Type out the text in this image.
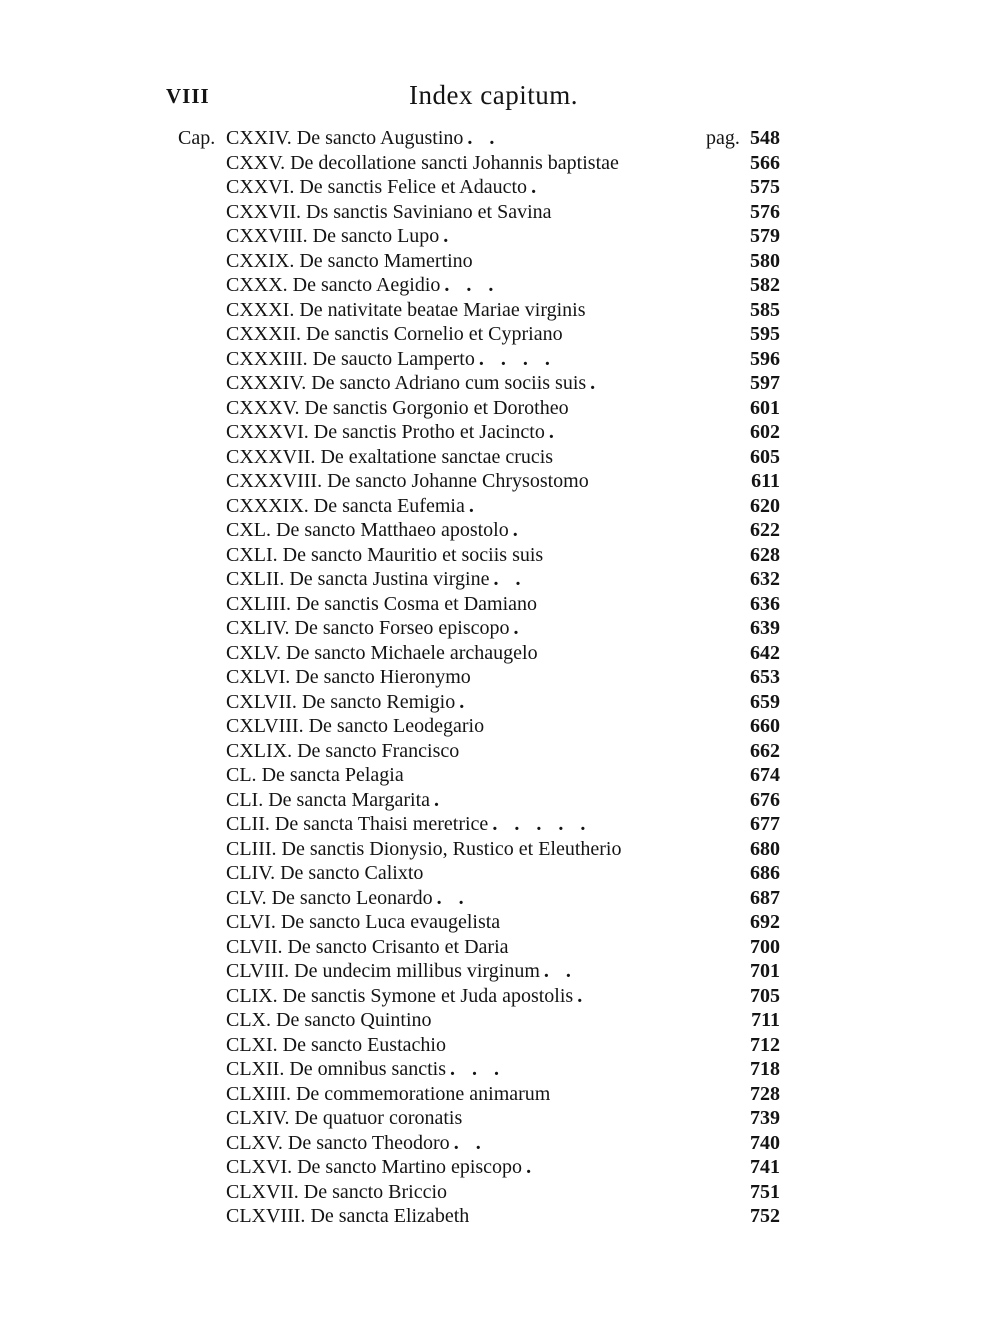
VIII	Index capitum.
Cap. CXXIV. De sancto Augustino . .	pag. 548
CXXV. De decollatione sancti Johannis baptistae	566
CXXVI. De sanctis Felice et Adaucto .	575
CXXVII. Ds sanctis Saviniano et Savina	576
CXXVIII. De sancto Lupo .	579
CXXIX. De sancto Mamertino	580
CXXX. De sancto Aegidio . . .	582
CXXXI. De nativitate beatae Mariae virginis	585
CXXXII. De sanctis Cornelio et Cypriano	595
CXXXIII. De saucto Lamperto . . . .	596
CXXXIV. De sancto Adriano cum sociis suis .	597
CXXXV. De sanctis Gorgonio et Dorotheo	601
CXXXVI. De sanctis Protho et Jacincto .	602
CXXXVII. De exaltatione sanctae crucis	605
CXXXVIII. De sancto Johanne Chrysostomo	611
CXXXIX. De sancta Eufemia .	620
CXL. De sancto Matthaeo apostolo .	622
CXLI. De sancto Mauritio et sociis suis	628
CXLII. De sancta Justina virgine . .	632
CXLIII. De sanctis Cosma et Damiano	636
CXLIV. De sancto Forseo episcopo .	639
CXLV. De sancto Michaele archaugelo	642
CXLVI. De sancto Hieronymo	653
CXLVII. De sancto Remigio .	659
CXLVIII. De sancto Leodegario	660
CXLIX. De sancto Francisco	662
CL. De sancta Pelagia	674
CLI. De sancta Margarita .	676
CLII. De sancta Thaisi meretrice . . . . .	677
CLIII. De sanctis Dionysio, Rustico et Eleutherio	680
CLIV. De sancto Calixto	686
CLV. De sancto Leonardo . .	687
CLVI. De sancto Luca evaugelista	692
CLVII. De sancto Crisanto et Daria	700
CLVIII. De undecim millibus virginum . .	701
CLIX. De sanctis Symone et Juda apostolis .	705
CLX. De sancto Quintino	711
CLXI. De sancto Eustachio	712
CLXII. De omnibus sanctis . . .	718
CLXIII. De commemoratione animarum	728
CLXIV. De quatuor coronatis	739
CLXV. De sancto Theodoro . .	740
CLXVI. De sancto Martino episcopo .	741
CLXVII. De sancto Briccio	751
CLXVIII. De sancta Elizabeth	752
